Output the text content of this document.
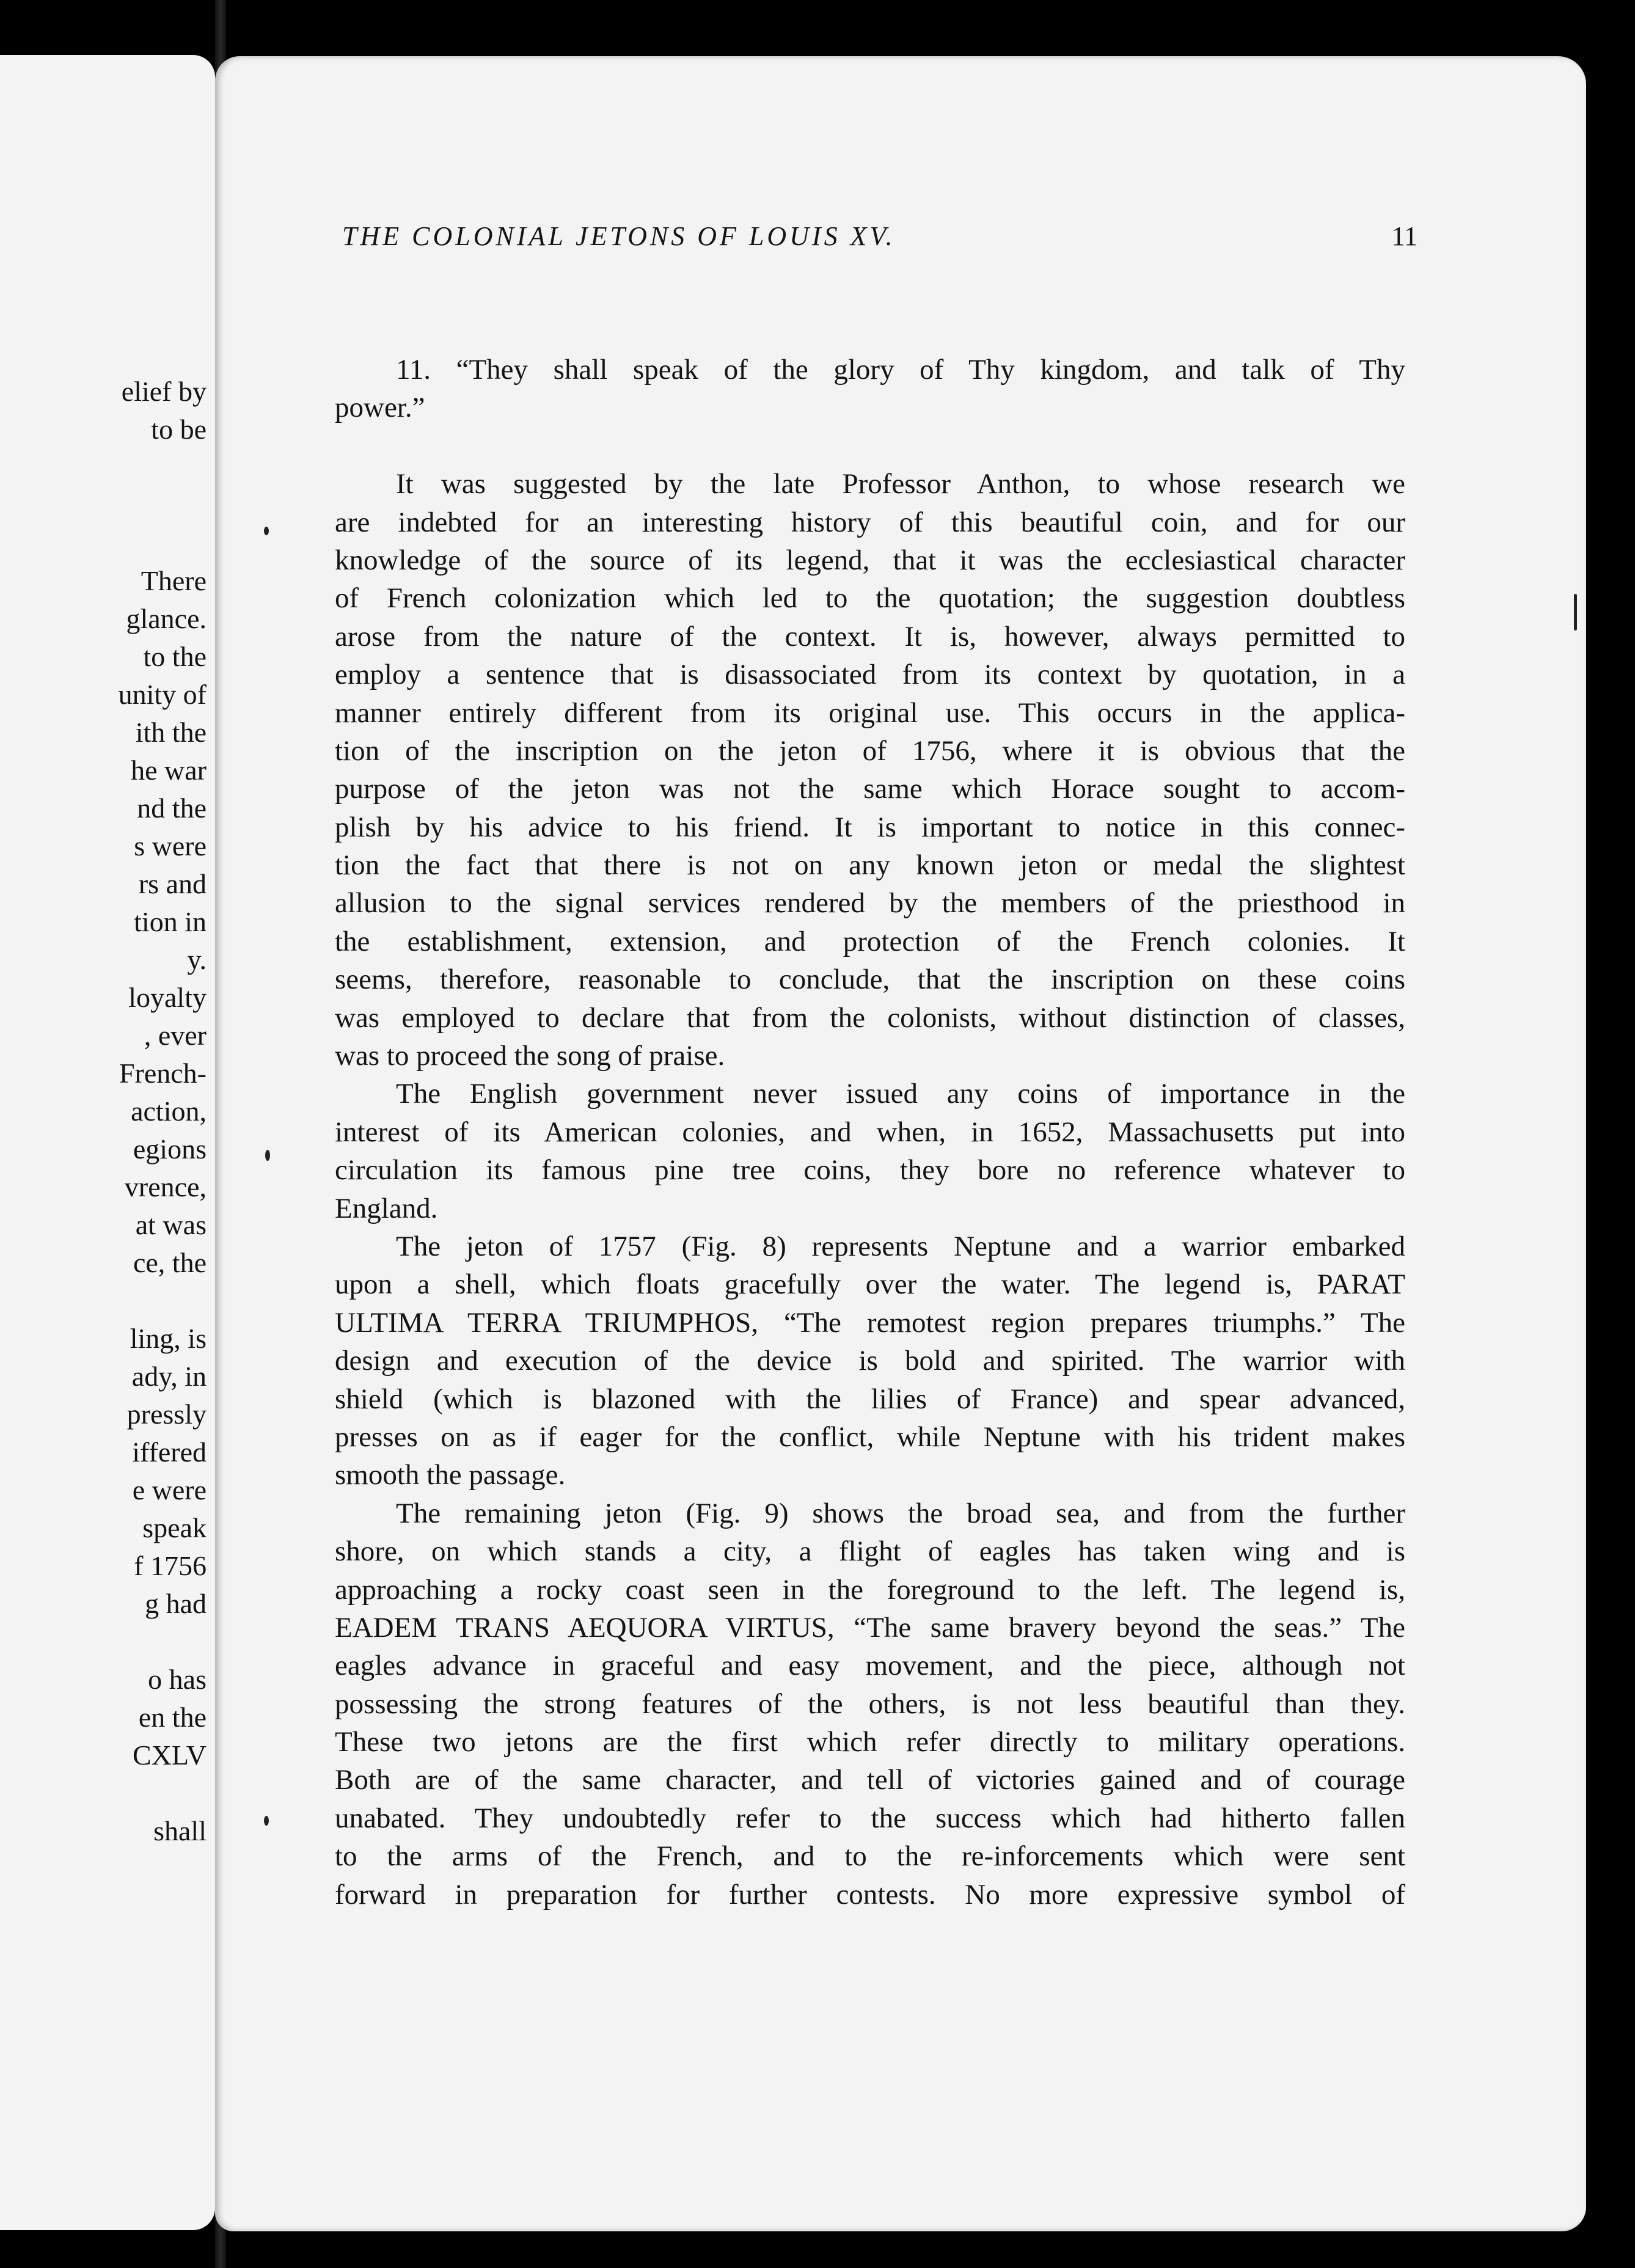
elief by
to be
There
glance.
to the
unity of
ith the
he war
nd the
s were
rs and
tion in
y.
loyalty
, ever
French-
action,
egions
vrence,
at was
ce, the
ling, is
ady, in
pressly
iffered
e were
speak
f 1756
g had
o has
en the
CXLV
shall
THE COLONIAL JETONS OF LOUIS XV.	11
11. “They shall speak of the glory of Thy kingdom, and talk of Thy
power.”
It was suggested by the late Professor Anthon, to whose research we
are indebted for an interesting history of this beautiful coin, and for our
knowledge of the source of its legend, that it was the ecclesiastical character
of French colonization which led to the quotation; the suggestion doubtless
arose from the nature of the context. It is, however, always permitted to
employ a sentence that is disassociated from its context by quotation, in a
manner entirely different from its original use. This occurs in the applica-
tion of the inscription on the jeton of 1756, where it is obvious that the
purpose of the jeton was not the same which Horace sought to accom-
plish by his advice to his friend. It is important to notice in this connec-
tion the fact that there is not on any known jeton or medal the slightest
allusion to the signal services rendered by the members of the priesthood in
the establishment, extension, and protection of the French colonies. It
seems, therefore, reasonable to conclude, that the inscription on these coins
was employed to declare that from the colonists, without distinction of classes,
was to proceed the song of praise.
The English government never issued any coins of importance in the
interest of its American colonies, and when, in 1652, Massachusetts put into
circulation its famous pine tree coins, they bore no reference whatever to
England.
The jeton of 1757 (Fig. 8) represents Neptune and a warrior embarked
upon a shell, which floats gracefully over the water. The legend is, PARAT
ULTIMA TERRA TRIUMPHOS, “The remotest region prepares triumphs.” The
design and execution of the device is bold and spirited. The warrior with
shield (which is blazoned with the lilies of France) and spear advanced,
presses on as if eager for the conflict, while Neptune with his trident makes
smooth the passage.
The remaining jeton (Fig. 9) shows the broad sea, and from the further
shore, on which stands a city, a flight of eagles has taken wing and is
approaching a rocky coast seen in the foreground to the left. The legend is,
EADEM TRANS AEQUORA VIRTUS, “The same bravery beyond the seas.” The
eagles advance in graceful and easy movement, and the piece, although not
possessing the strong features of the others, is not less beautiful than they.
These two jetons are the first which refer directly to military operations.
Both are of the same character, and tell of victories gained and of courage
unabated. They undoubtedly refer to the success which had hitherto fallen
to the arms of the French, and to the re-inforcements which were sent
forward in preparation for further contests. No more expressive symbol of
